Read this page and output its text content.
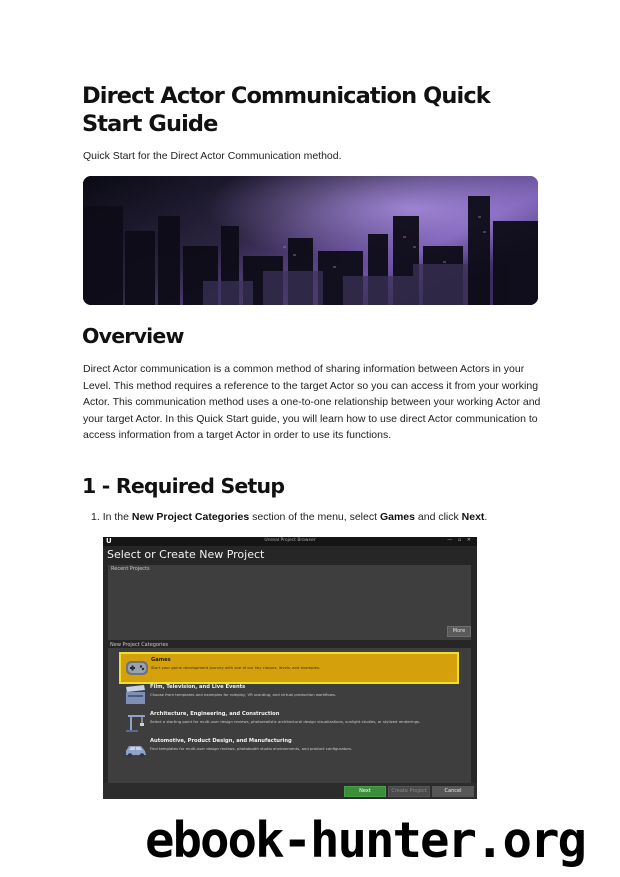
Direct Actor Communication Quick Start Guide

Quick Start for the Direct Actor Communication method.

Overview

Direct Actor communication is a common method of sharing information between Actors in your Level. This method requires a reference to the target Actor so you can access it from your working Actor. This communication method uses a one-to-one relationship between your working Actor and your target Actor. In this Quick Start guide, you will learn how to use direct Actor communication to access information from a target Actor in order to use its functions.

1 - Required Setup

1. In the New Project Categories section of the menu, select Games and click Next.

U	Unreal Project Browser	— ▫ ✕
Select or Create New Project
Recent Projects
More
New Project Categories
Games
Start your game development journey with one of our key classes, levels, and examples.
Film, Television, and Live Events
Choose from templates and examples for roleplay, VR scouting, and virtual production workflows.
Architecture, Engineering, and Construction
Select a starting point for multi-user design reviews, photorealistic architectural design visualizations, sunlight studies, or stylized renderings.
Automotive, Product Design, and Manufacturing
Find templates for multi-user design reviews, photobooth studio environments, and product configurators.
Next	Create Project	Cancel

ebook-hunter.org
